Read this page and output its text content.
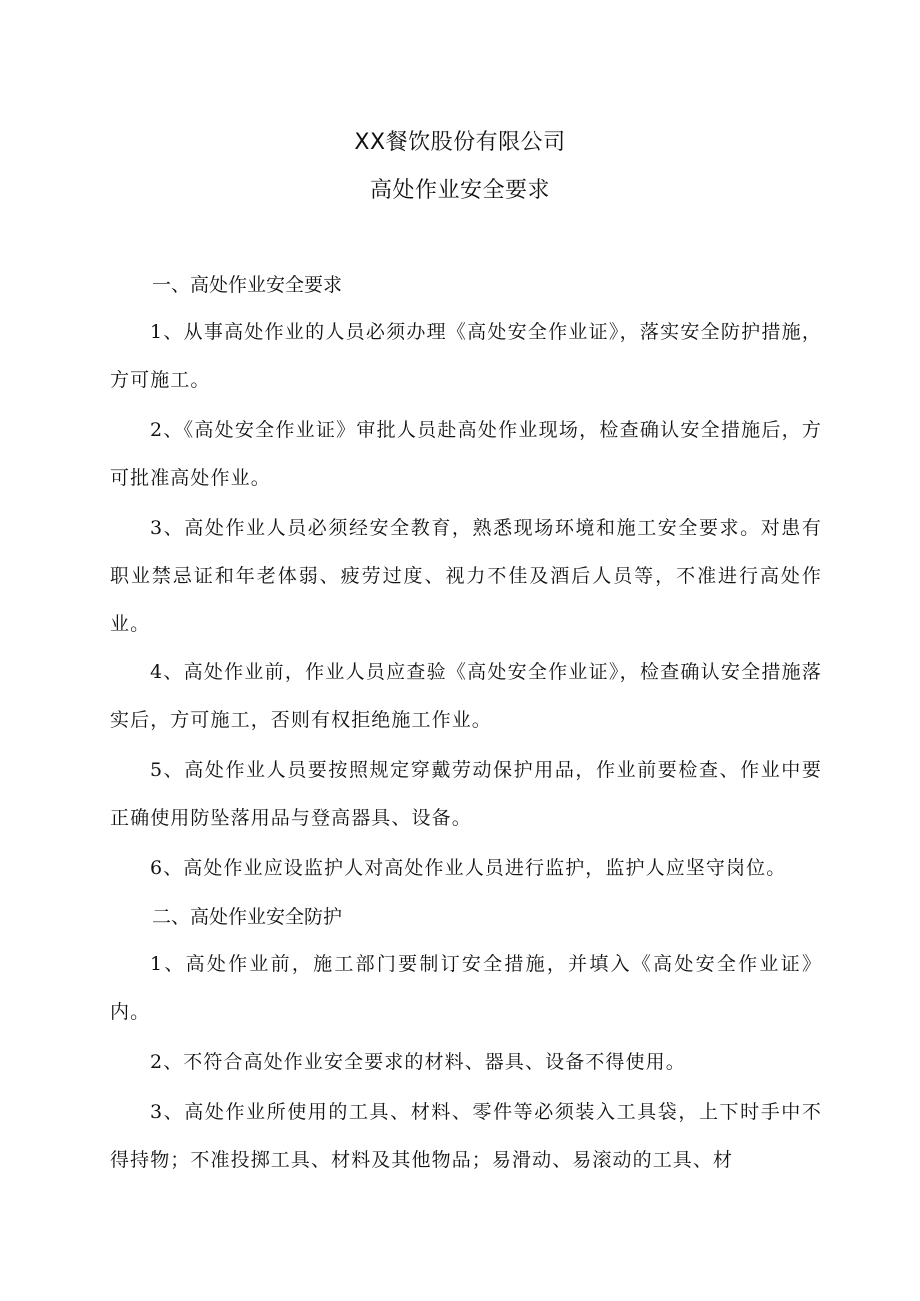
XX餐饮股份有限公司
高处作业安全要求
一、高处作业安全要求
1、从事高处作业的人员必须办理《高处安全作业证》，落实安全防护措施，方可施工。
2、《高处安全作业证》审批人员赴高处作业现场，检查确认安全措施后，方可批准高处作业。
3、高处作业人员必须经安全教育，熟悉现场环境和施工安全要求。对患有职业禁忌证和年老体弱、疲劳过度、视力不佳及酒后人员等，不准进行高处作业。
4、高处作业前，作业人员应查验《高处安全作业证》，检查确认安全措施落实后，方可施工，否则有权拒绝施工作业。
5、高处作业人员要按照规定穿戴劳动保护用品，作业前要检查、作业中要正确使用防坠落用品与登高器具、设备。
6、高处作业应设监护人对高处作业人员进行监护，监护人应坚守岗位。
二、高处作业安全防护
1、高处作业前，施工部门要制订安全措施，并填入《高处安全作业证》内。
2、不符合高处作业安全要求的材料、器具、设备不得使用。
3、高处作业所使用的工具、材料、零件等必须装入工具袋，上下时手中不得持物；不准投掷工具、材料及其他物品；易滑动、易滚动的工具、材
